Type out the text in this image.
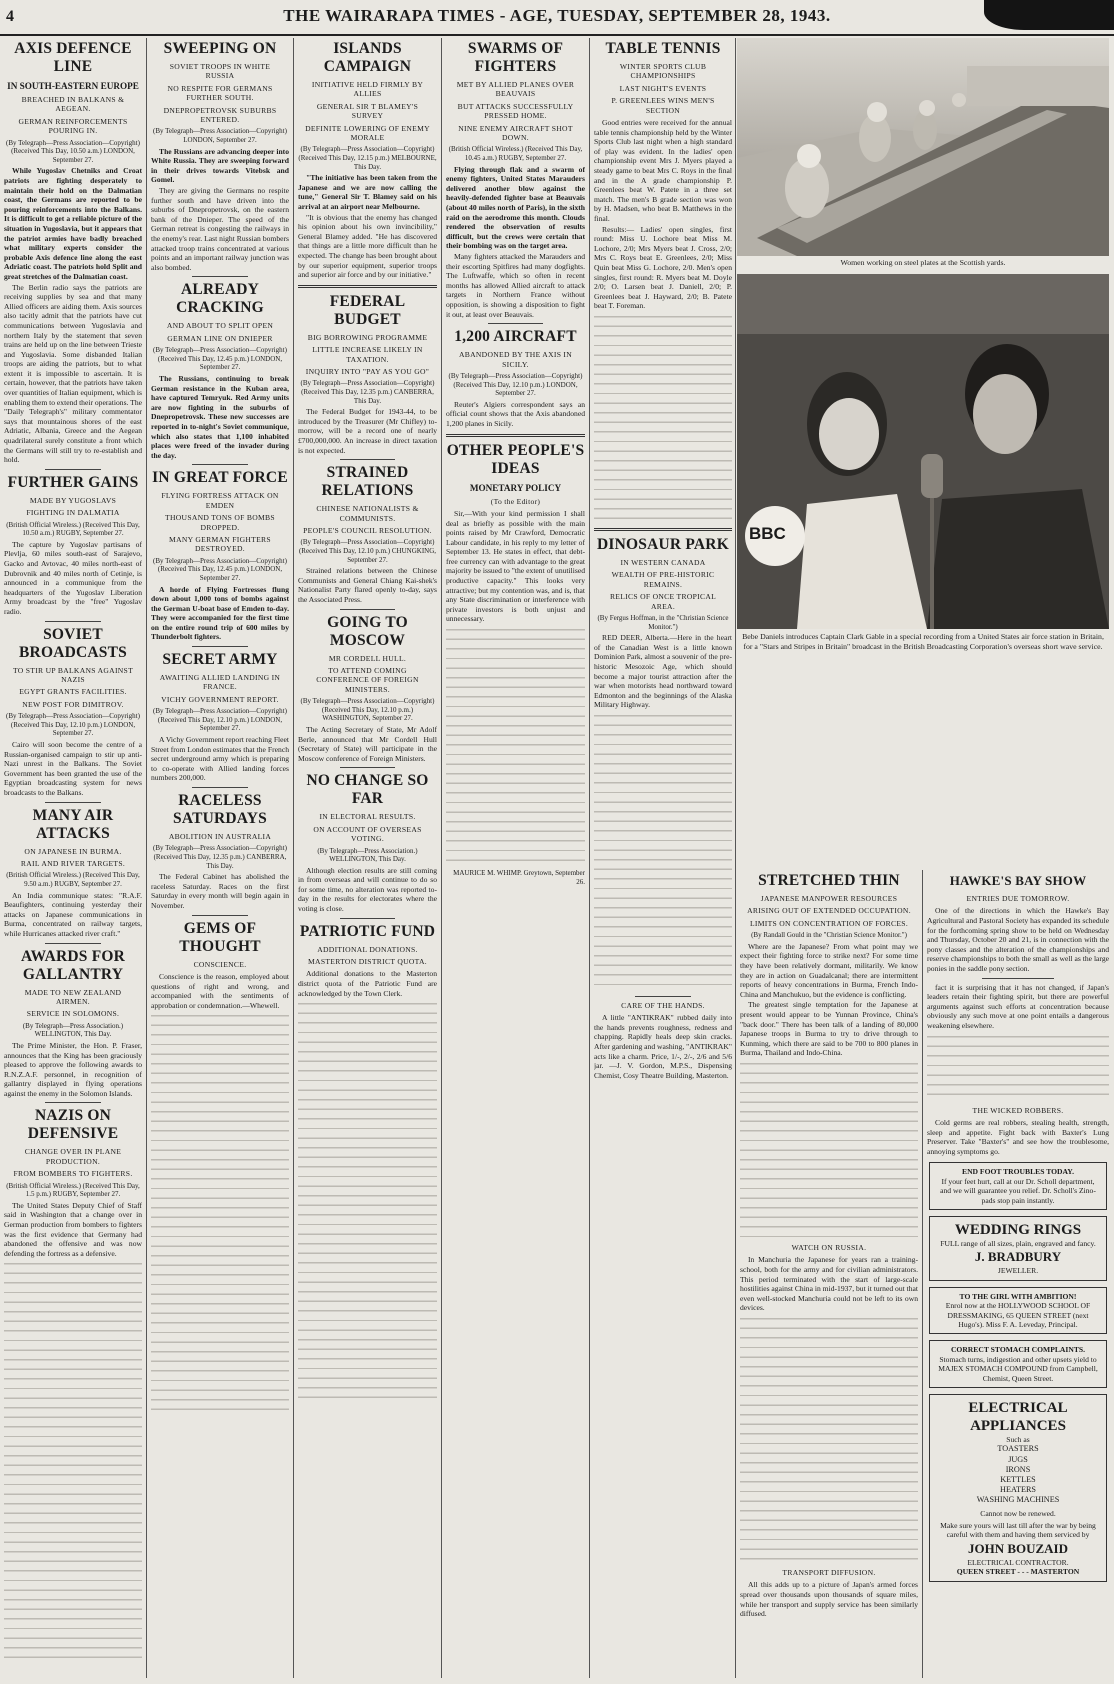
4	THE WAIRARAPA TIMES - AGE, TUESDAY, SEPTEMBER 28, 1943.
AXIS DEFENCE LINE
IN SOUTH-EASTERN EUROPE
BREACHED IN BALKANS & AEGEAN.
GERMAN REINFORCEMENTS POURING IN.
(By Telegraph—Press Association—Copyright) (Received This Day, 10.50 a.m.) LONDON, September 27.

While Yugoslav Chetniks and Croat patriots are fighting desperately to maintain their hold on the Dalmatian coast, the Germans are reported to be pouring reinforcements into the Balkans. It is difficult to get a reliable picture of the situation in Yugoslavia, but it appears that the patriot armies have badly breached what military experts consider the probable Axis defence line along the east Adriatic coast. The patriots hold Split and great stretches of the Dalmatian coast.

The Berlin radio says the patriots are receiving supplies by sea and that many Allied officers are aiding them. Axis sources also tacitly admit that the patriots have cut communications between Yugoslavia and northern Italy by the statement that seven trains are held up on the line between Trieste and Yugoslavia. Some disbanded Italian troops are aiding the patriots, but to what extent it is impossible to ascertain. It is certain, however, that the patriots have taken over quantities of Italian equipment, which is enabling them to extend their operations. The "Daily Telegraph's" military commentator says that mountainous shores of the east Adriatic, Albania, Greece and the Aegean quadrilateral surely constitute a front which the Germans will still try to re-establish and hold.

FURTHER GAINS
MADE BY YUGOSLAVS
FIGHTING IN DALMATIA
(British Official Wireless.) (Received This Day, 10.50 a.m.) RUGBY, September 27.

The capture by Yugoslav partisans of Plevlja, 60 miles south-east of Sarajevo, Gacko and Avtovac, 40 miles north-east of Dubrovnik and 40 miles north of Cetinje, is announced in a communique from the headquarters of the Yugoslav Liberation Army broadcast by the "free" Yugoslav radio.

SOVIET BROADCASTS
TO STIR UP BALKANS AGAINST NAZIS
EGYPT GRANTS FACILITIES.
NEW POST FOR DIMITROV.
(By Telegraph—Press Association—Copyright) (Received This Day, 12.10 p.m.) LONDON, September 27.

Cairo will soon become the centre of a Russian-organised campaign to stir up anti-Nazi unrest in the Balkans. The Soviet Government has been granted the use of the Egyptian broadcasting system for news broadcasts to the Balkans.

MANY AIR ATTACKS
ON JAPANESE IN BURMA.
RAIL AND RIVER TARGETS.
(British Official Wireless.) (Received This Day, 9.50 a.m.) RUGBY, September 27.

An India communique states: "R.A.F. Beaufighters, continuing yesterday their attacks on Japanese communications in Burma, concentrated on railway targets, while Hurricanes attacked river craft."

AWARDS FOR GALLANTRY
MADE TO NEW ZEALAND AIRMEN.
SERVICE IN SOLOMONS.
(By Telegraph—Press Association.) WELLINGTON, This Day.

The Prime Minister, the Hon. P. Fraser, announces that the King has been graciously pleased to approve the following awards to R.N.Z.A.F. personnel, in recognition of gallantry displayed in flying operations against the enemy in the Solomon Islands.

NAZIS ON DEFENSIVE
CHANGE OVER IN PLANE PRODUCTION.
FROM BOMBERS TO FIGHTERS.
(British Official Wireless.) (Received This Day, 1.5 p.m.) RUGBY, September 27.

The United States Deputy Chief of Staff said in Washington that a change over in German production from bombers to fighters was the first evidence that Germany had abandoned the offensive and was now defending the fortress as a defensive.

SWEEPING ON
SOVIET TROOPS IN WHITE RUSSIA
NO RESPITE FOR GERMANS FURTHER SOUTH.
DNEPROPETROVSK SUBURBS ENTERED.
(By Telegraph—Press Association—Copyright) LONDON, September 27.

The Russians are advancing deeper into White Russia. They are sweeping forward in their drives towards Vitebsk and Gomel.

They are giving the Germans no respite further south and have driven into the suburbs of Dnepropetrovsk, on the eastern bank of the Dnieper. The speed of the German retreat is congesting the railways in the enemy's rear. Last night Russian bombers attacked troop trains concentrated at various points and an important railway junction was also bombed.

ALREADY CRACKING
AND ABOUT TO SPLIT OPEN
GERMAN LINE ON DNIEPER
(By Telegraph—Press Association—Copyright) (Received This Day, 12.45 p.m.) LONDON, September 27.

The Russians, continuing to break German resistance in the Kuban area, have captured Temryuk. Red Army units are now fighting in the suburbs of Dnepropetrovsk. These new successes are reported in to-night's Soviet communique, which also states that 1,100 inhabited places were freed of the invader during the day.

IN GREAT FORCE
FLYING FORTRESS ATTACK ON EMDEN
THOUSAND TONS OF BOMBS DROPPED.
MANY GERMAN FIGHTERS DESTROYED.
(By Telegraph—Press Association—Copyright) (Received This Day, 12.45 p.m.) LONDON, September 27.

A horde of Flying Fortresses flung down about 1,000 tons of bombs against the German U-boat base of Emden to-day. They were accompanied for the first time on the entire round trip of 600 miles by Thunderbolt fighters.

SECRET ARMY
AWAITING ALLIED LANDING IN FRANCE.
VICHY GOVERNMENT REPORT.
(By Telegraph—Press Association—Copyright) (Received This Day, 12.10 p.m.) LONDON, September 27.

A Vichy Government report reaching Fleet Street from London estimates that the French secret underground army which is preparing to co-operate with Allied landing forces numbers 200,000.

RACELESS SATURDAYS
ABOLITION IN AUSTRALIA
(By Telegraph—Press Association—Copyright) (Received This Day, 12.35 p.m.) CANBERRA, This Day.

The Federal Cabinet has abolished the raceless Saturday. Races on the first Saturday in every month will begin again in November.

GEMS OF THOUGHT
CONSCIENCE.

Conscience is the reason, employed about questions of right and wrong, and accompanied with the sentiments of approbation or condemnation.—Whewell.

ISLANDS CAMPAIGN
INITIATIVE HELD FIRMLY BY ALLIES
GENERAL SIR T BLAMEY'S SURVEY
DEFINITE LOWERING OF ENEMY MORALE
(By Telegraph—Press Association—Copyright) (Received This Day, 12.15 p.m.) MELBOURNE, This Day.

"The initiative has been taken from the Japanese and we are now calling the tune," General Sir T. Blamey said on his arrival at an airport near Melbourne.

"It is obvious that the enemy has changed his opinion about his own invincibility," General Blamey added. "He has discovered that things are a little more difficult than he expected. The change has been brought about by our superior equipment, superior troops and superior air force and by our initiative."

FEDERAL BUDGET
BIG BORROWING PROGRAMME
LITTLE INCREASE LIKELY IN TAXATION.
INQUIRY INTO "PAY AS YOU GO"
(By Telegraph—Press Association—Copyright) (Received This Day, 12.35 p.m.) CANBERRA, This Day.

The Federal Budget for 1943-44, to be introduced by the Treasurer (Mr Chifley) to-morrow, will be a record one of nearly £700,000,000. An increase in direct taxation is not expected.

STRAINED RELATIONS
CHINESE NATIONALISTS & COMMUNISTS.
PEOPLE'S COUNCIL RESOLUTION.
(By Telegraph—Press Association—Copyright) (Received This Day, 12.10 p.m.) CHUNGKING, September 27.

Strained relations between the Chinese Communists and General Chiang Kai-shek's Nationalist Party flared openly to-day, says the Associated Press.

GOING TO MOSCOW
MR CORDELL HULL.
TO ATTEND COMING CONFERENCE OF FOREIGN MINISTERS.
(By Telegraph—Press Association—Copyright) (Received This Day, 12.10 p.m.) WASHINGTON, September 27.

The Acting Secretary of State, Mr Adolf Berle, announced that Mr Cordell Hull (Secretary of State) will participate in the Moscow conference of Foreign Ministers.

NO CHANGE SO FAR
IN ELECTORAL RESULTS.
ON ACCOUNT OF OVERSEAS VOTING.
(By Telegraph—Press Association.) WELLINGTON, This Day.

Although election results are still coming in from overseas and will continue to do so for some time, no alteration was reported to-day in the results for electorates where the voting is close.

PATRIOTIC FUND
ADDITIONAL DONATIONS.
MASTERTON DISTRICT QUOTA.

Additional donations to the Masterton district quota of the Patriotic Fund are acknowledged by the Town Clerk.

SWARMS OF FIGHTERS
MET BY ALLIED PLANES OVER BEAUVAIS
BUT ATTACKS SUCCESSFULLY PRESSED HOME.
NINE ENEMY AIRCRAFT SHOT DOWN.
(British Official Wireless.) (Received This Day, 10.45 a.m.) RUGBY, September 27.

Flying through flak and a swarm of enemy fighters, United States Marauders delivered another blow against the heavily-defended fighter base at Beauvais (about 40 miles north of Paris), in the sixth raid on the aerodrome this month. Clouds rendered the observation of results difficult, but the crews were certain that their bombing was on the target area.

Many fighters attacked the Marauders and their escorting Spitfires had many dogfights. The Luftwaffe, which so often in recent months has allowed Allied aircraft to attack targets in Northern France without opposition, is showing a disposition to fight it out, at least over Beauvais.

1,200 AIRCRAFT
ABANDONED BY THE AXIS IN SICILY.
(By Telegraph—Press Association—Copyright) (Received This Day, 12.10 p.m.) LONDON, September 27.

Reuter's Algiers correspondent says an official count shows that the Axis abandoned 1,200 planes in Sicily.

OTHER PEOPLE'S IDEAS
MONETARY POLICY
(To the Editor)

Sir,—With your kind permission I shall deal as briefly as possible with the main points raised by Mr Crawford, Democratic Labour candidate, in his reply to my letter of September 13. He states in effect, that debt-free currency can with advantage to the great majority be issued to "the extent of unutilised productive capacity." This looks very attractive; but my contention was, and is, that any State discrimination or interference with private investors is both unjust and unnecessary.

MAURICE M. WHIMP. Greytown, September 26.
TABLE TENNIS
WINTER SPORTS CLUB CHAMPIONSHIPS
LAST NIGHT'S EVENTS
P. GREENLEES WINS MEN'S SECTION

Good entries were received for the annual table tennis championship held by the Winter Sports Club last night when a high standard of play was evident. In the ladies' open championship event Mrs J. Myers played a steady game to beat Mrs C. Roys in the final and in the A grade championship P. Greenlees beat W. Patete in a three set match. The men's B grade section was won by H. Madsen, who beat B. Matthews in the final.

Results:— Ladies' open singles, first round: Miss U. Lochore beat Miss M. Lochore, 2/0; Mrs Myers beat J. Cross, 2/0; Mrs C. Roys beat E. Greenlees, 2/0; Miss Quin beat Miss G. Lochore, 2/0. Men's open singles, first round: R. Myers beat M. Doyle 2/0; O. Larsen beat J. Daniell, 2/0; P. Greenlees beat J. Hayward, 2/0; B. Patete beat T. Foreman.

DINOSAUR PARK
IN WESTERN CANADA
WEALTH OF PRE-HISTORIC REMAINS.
RELICS OF ONCE TROPICAL AREA.
(By Fergus Hoffman, in the "Christian Science Monitor.")

RED DEER, Alberta.—Here in the heart of the Canadian West is a little known Dominion Park, almost a souvenir of the pre-historic Mesozoic Age, which should become a major tourist attraction after the war when motorists head northward toward Edmonton and the beginnings of the Alaska Military Highway.

CARE OF THE HANDS.

A little "ANTIKRAK" rubbed daily into the hands prevents roughness, redness and chapping. Rapidly heals deep skin cracks. After gardening and washing, "ANTIKRAK" acts like a charm. Price, 1/-, 2/-, 2/6 and 5/6 jar. —J. V. Gordon, M.P.S., Dispensing Chemist, Cosy Theatre Building, Masterton.

Women working on steel plates at the Scottish yards.
BBC
Bebe Daniels introduces Captain Clark Gable in a special recording from a United States air force station in Britain, for a "Stars and Stripes in Britain" broadcast in the British Broadcasting Corporation's overseas short wave service.
STRETCHED THIN
JAPANESE MANPOWER RESOURCES
ARISING OUT OF EXTENDED OCCUPATION.
LIMITS ON CONCENTRATION OF FORCES.
(By Randall Gould in the "Christian Science Monitor.")

Where are the Japanese? From what point may we expect their fighting force to strike next? For some time they have been relatively dormant, militarily. We know they are in action on Guadalcanal; there are intermittent reports of heavy concentrations in Burma, French Indo-China and Manchukuo, but the evidence is conflicting.

The greatest single temptation for the Japanese at present would appear to be Yunnan Province, China's "back door." There has been talk of a landing of 80,000 Japanese troops in Burma to try to drive through to Kunming, which there are said to be 700 to 800 planes in Burma, Thailand and Indo-China.

WATCH ON RUSSIA.

In Manchuria the Japanese for years ran a training-school, both for the army and for civilian administrators. This period terminated with the start of large-scale hostilities against China in mid-1937, but it turned out that even well-stocked Manchuria could not be left to its own devices.

TRANSPORT DIFFUSION.

All this adds up to a picture of Japan's armed forces spread over thousands upon thousands of square miles, while her transport and supply service has been similarly diffused.

HAWKE'S BAY SHOW
ENTRIES DUE TOMORROW.

One of the directions in which the Hawke's Bay Agricultural and Pastoral Society has expanded its schedule for the forthcoming spring show to be held on Wednesday and Thursday, October 20 and 21, is in connection with the pony classes and the alteration of the championships and reserve championships to both the small as well as the large ponies in the saddle pony section.

fact it is surprising that it has not changed, if Japan's leaders retain their fighting spirit, but there are powerful arguments against such efforts at concentration because obviously any such move at one point entails a dangerous weakening elsewhere.

THE WICKED ROBBERS.

Cold germs are real robbers, stealing health, strength, sleep and appetite. Fight back with Baxter's Lung Preserver. Take "Baxter's" and see how the troublesome, annoying symptoms go.

END FOOT TROUBLES TODAY.
If your feet hurt, call at our Dr. Scholl department, and we will guarantee you relief. Dr. Scholl's Zino-pads stop pain instantly.
WEDDING RINGS
FULL range of all sizes, plain, engraved and fancy.
J. BRADBURY
JEWELLER.
TO THE GIRL WITH AMBITION!
Enrol now at the HOLLYWOOD SCHOOL OF DRESSMAKING, 65 QUEEN STREET (next Hugo's). Miss F. A. Leveday, Principal.
CORRECT STOMACH COMPLAINTS.
Stomach turns, indigestion and other upsets yield to MAJEX STOMACH COMPOUND from Campbell, Chemist, Queen Street.
ELECTRICAL APPLIANCES
Such as
TOASTERS
JUGS
IRONS
KETTLES
HEATERS
WASHING MACHINES
Cannot now be renewed.
Make sure yours will last till after the war by being careful with them and having them serviced by
JOHN BOUZAID
ELECTRICAL CONTRACTOR.
QUEEN STREET - - - MASTERTON
